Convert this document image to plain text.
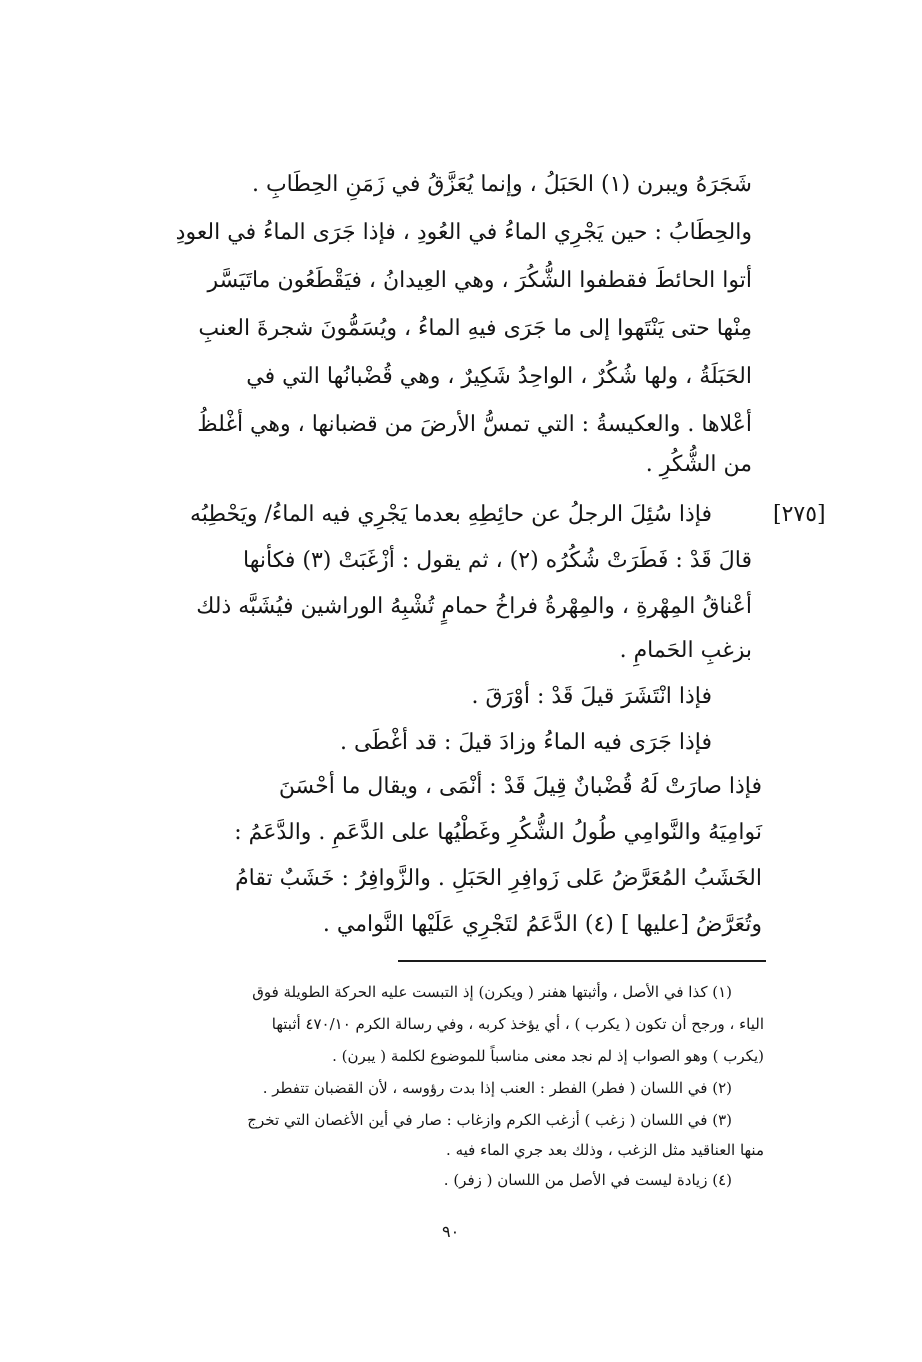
شَجَرَهُ ويبرن (١) الحَبَلُ ، وإنما يُعَزَّقُ في زَمَنِ الحِطَابِ .
والحِطَابُ : حين يَجْرِي الماءُ في العُودِ ، فإذا جَرَى الماءُ في العودِ
أتوا الحائطَ فقطفوا الشُّكُرَ ، وهي العِيدانُ ، فيَقْطَعُون ماتَيَسَّر
مِنْها حتى يَنْتَهوا إلى ما جَرَى فيهِ الماءُ ، ويُسَمُّونَ شجرةَ العنبِ
الحَبَلَةُ ، ولها شُكُرٌ ، الواحِدُ شَكِيرٌ ، وهي قُضْبانُها التي في
أعْلاها . والعكيسةُ : التي تمسُّ الأرضَ من قضبانها ، وهي أغْلظُ
من الشُّكُرِ .
فإذا سُئِلَ الرجلُ عن حائِطِهِ بعدما يَجْرِي فيه الماءُ/ ويَحْطِبُه	[٢٧٥]
قالَ قَدْ : فَطَرَتْ شُكُرُه (٢) ، ثم يقول : أزْغَبَتْ (٣) فكأنها
أعْناقُ المِهْرةِ ، والمِهْرةُ فراخُ حمامٍ تُشْبِهُ الوراشين فيُشَبَّه ذلك
بزغبِ الحَمامِ .
فإذا انْتَشَرَ قيلَ قَدْ : أوْرَقَ .
فإذا جَرَى فيه الماءُ وزادَ قيلَ : قد أغْطَى .
فإذا صارَتْ لَهُ قُضْبانٌ قِيلَ قَدْ : أنْمَى ، ويقال ما أحْسَنَ
نَوامِيَهُ والنَّوامِي طُولُ الشُّكُرِ وغَطْيُها على الدَّعَمِ . والدَّعَمُ :
الخَشَبُ المُعَرَّضُ عَلى زَوافِرِ الحَبَلِ . والزَّوافِرُ : خَشَبٌ تقامُ
وتُعَرَّضُ [عليها ] (٤) الدَّعَمُ لتَجْرِي عَلَيْها النَّوامي .
(١) كذا في الأصل ، وأثبتها هفنر ( ويكرن) إذ التبست عليه الحركة الطويلة فوق
الياء ، ورجح أن تكون ( يكرب ) ، أي يؤخذ كربه ، وفي رسالة الكرم ٤٧٠/١٠ أثبتها
(يكرب ) وهو الصواب إذ لم نجد معنى مناسباً للموضوع لكلمة ( يبرن) .
(٢) في اللسان ( فطر) الفطر : العنب إذا بدت رؤوسه ، لأن القضبان تتفطر .
(٣) في اللسان ( زغب ) أزغب الكرم وازغاب : صار في أين الأغصان التي تخرج
منها العناقيد مثل الزغب ، وذلك بعد جري الماء فيه .
(٤) زيادة ليست في الأصل من اللسان ( زفر) .
٩٠
